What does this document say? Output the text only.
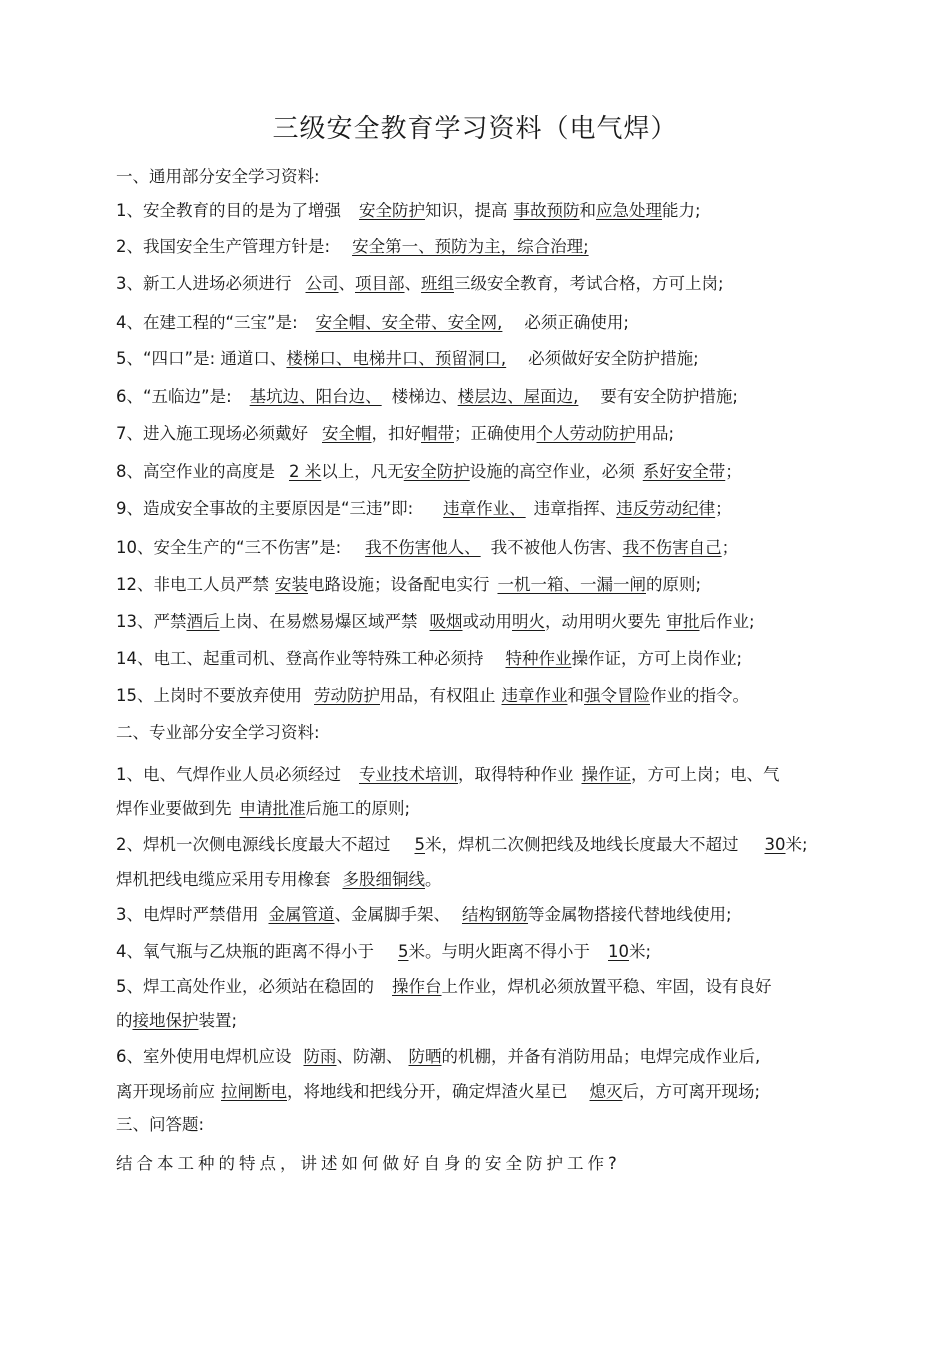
三级安全教育学习资料（电气焊）
一、通用部分安全学习资料:
1、安全教育的目的是为了增强 安全防护知识，提高 事故预防和应急处理能力;
2、我国安全生产管理方针是: 安全第一、预防为主，综合治理;
3、新工人进场必须进行 公司、项目部、班组三级安全教育，考试合格，方可上岗;
4、在建工程的“三宝”是: 安全帽、安全带、安全网, 必须正确使用;
5、“四口”是: 通道口、楼梯口、电梯井口、预留洞口, 必须做好安全防护措施;
6、“五临边”是: 基坑边、阳台边、 楼梯边、楼层边、屋面边, 要有安全防护措施;
7、进入施工现场必须戴好 安全帽，扣好帽带；正确使用个人劳动防护用品;
8、高空作业的高度是 2 米以上，凡无安全防护设施的高空作业，必须 系好安全带；
9、造成安全事故的主要原因是“三违”即: 违章作业、 违章指挥、违反劳动纪律；
10、安全生产的“三不伤害”是: 我不伤害他人、 我不被他人伤害、我不伤害自己；
12、非电工人员严禁 安装电路设施；设备配电实行 一机一箱、一漏一闸的原则;
13、严禁酒后上岗、在易燃易爆区域严禁 吸烟或动用明火，动用明火要先 审批后作业;
14、电工、起重司机、登高作业等特殊工种必须持 特种作业操作证，方可上岗作业;
15、上岗时不要放弃使用 劳动防护用品，有权阻止 违章作业和强令冒险作业的指令。
二、专业部分安全学习资料:
1、电、气焊作业人员必须经过 专业技术培训，取得特种作业 操作证，方可上岗；电、气
焊作业要做到先 申请批准后施工的原则;
2、焊机一次侧电源线长度最大不超过 5米，焊机二次侧把线及地线长度最大不超过 30米;
焊机把线电缆应采用专用橡套 多股细铜线。
3、电焊时严禁借用 金属管道、金属脚手架、 结构钢筋等金属物搭接代替地线使用;
4、氧气瓶与乙炔瓶的距离不得小于 5米。与明火距离不得小于 10米;
5、焊工高处作业，必须站在稳固的 操作台上作业，焊机必须放置平稳、牢固，设有良好
的接地保护装置;
6、室外使用电焊机应设 防雨、防潮、 防晒的机棚，并备有消防用品；电焊完成作业后,
离开现场前应 拉闸断电，将地线和把线分开，确定焊渣火星已 熄灭后，方可离开现场;
三、问答题:
结合本工种的特点，讲述如何做好自身的安全防护工作?
